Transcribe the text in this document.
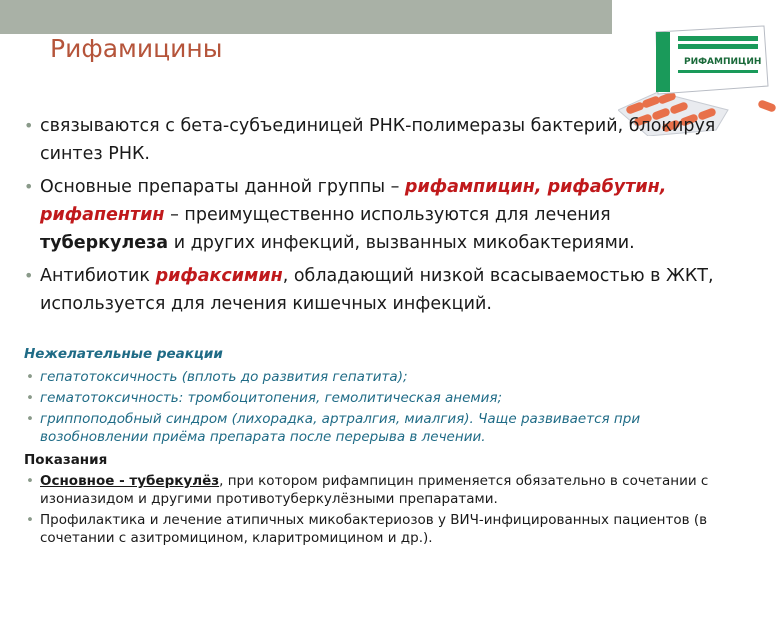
Рифамицины	РИФАМПИЦИН
• связываются с бета-субъединицей РНК-полимеразы бактерий, блокируя синтез РНК.
• Основные препараты данной группы – рифампицин, рифабутин, рифапентин – преимущественно используются для лечения туберкулеза и других инфекций, вызванных микобактериями.
• Антибиотик рифаксимин, обладающий низкой всасываемостью в ЖКТ, используется для лечения кишечных инфекций.

Нежелательные реакции

• гепатотоксичность (вплоть до развития гепатита);
• гематотоксичность: тромбоцитопения, гемолитическая анемия;
• гриппоподобный синдром (лихорадка, артралгия, миалгия). Чаще развивается при возобновлении приёма препарата после перерыва в лечении.

Показания

• Основное - туберкулёз, при котором рифампицин применяется обязательно в сочетании с изониазидом и другими противотуберкулёзными препаратами.
• Профилактика и лечение атипичных микобактериозов у ВИЧ-инфицированных пациентов (в сочетании с азитромицином, кларитромицином и др.).
